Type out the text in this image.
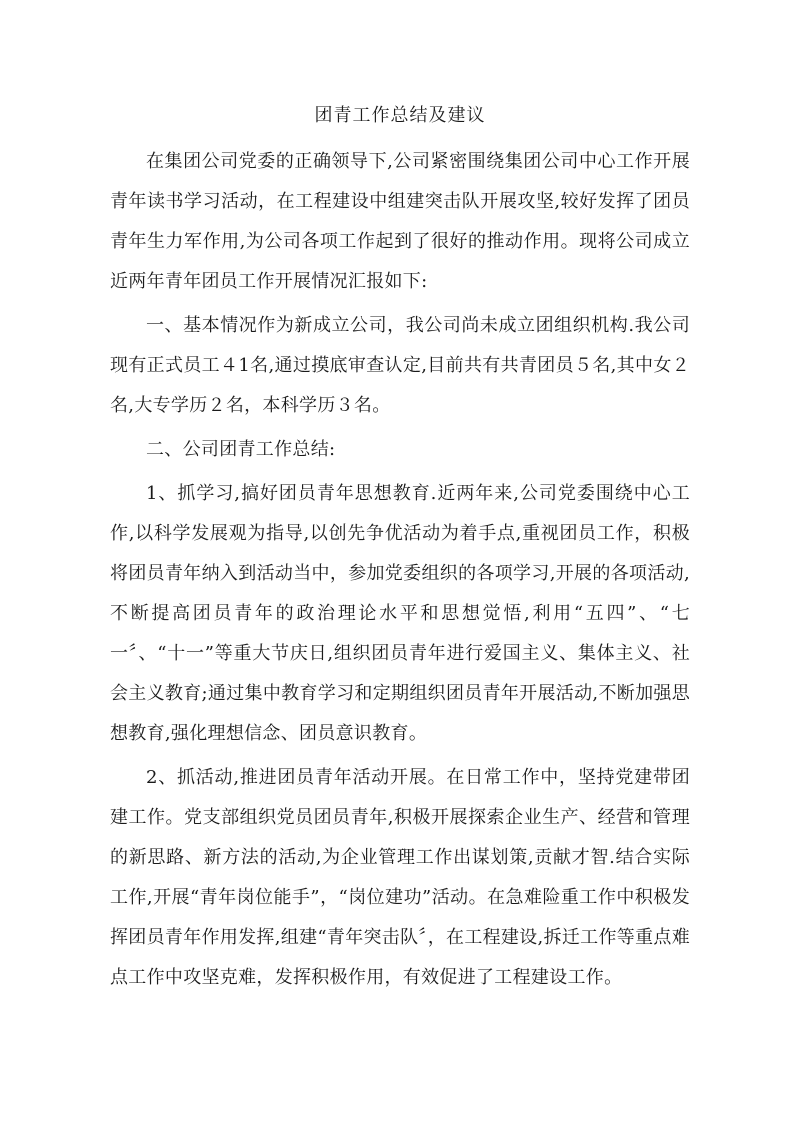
团青工作总结及建议

在集团公司党委的正确领导下,公司紧密围绕集团公司中心工作开展青年读书学习活动，在工程建设中组建突击队开展攻坚,较好发挥了团员青年生力军作用,为公司各项工作起到了很好的推动作用。现将公司成立近两年青年团员工作开展情况汇报如下:

一、基本情况作为新成立公司，我公司尚未成立团组织机构.我公司现有正式员工４1名,通过摸底审查认定,目前共有共青团员５名,其中女２名,大专学历２名，本科学历３名。

二、公司团青工作总结:

1、抓学习,搞好团员青年思想教育.近两年来,公司党委围绕中心工作,以科学发展观为指导,以创先争优活动为着手点,重视团员工作，积极将团员青年纳入到活动当中，参加党委组织的各项学习,开展的各项活动,不断提高团员青年的政治理论水平和思想觉悟,利用“五四”、“七一〞、“十一”等重大节庆日,组织团员青年进行爱国主义、集体主义、社会主义教育;通过集中教育学习和定期组织团员青年开展活动,不断加强思想教育,强化理想信念、团员意识教育。

2、抓活动,推进团员青年活动开展。在日常工作中，坚持党建带团建工作。党支部组织党员团员青年,积极开展探索企业生产、经营和管理的新思路、新方法的活动,为企业管理工作出谋划策,贡献才智.结合实际工作,开展“青年岗位能手”，“岗位建功”活动。在急难险重工作中积极发挥团员青年作用发挥,组建“青年突击队〞，在工程建设,拆迁工作等重点难点工作中攻坚克难，发挥积极作用，有效促进了工程建设工作。
